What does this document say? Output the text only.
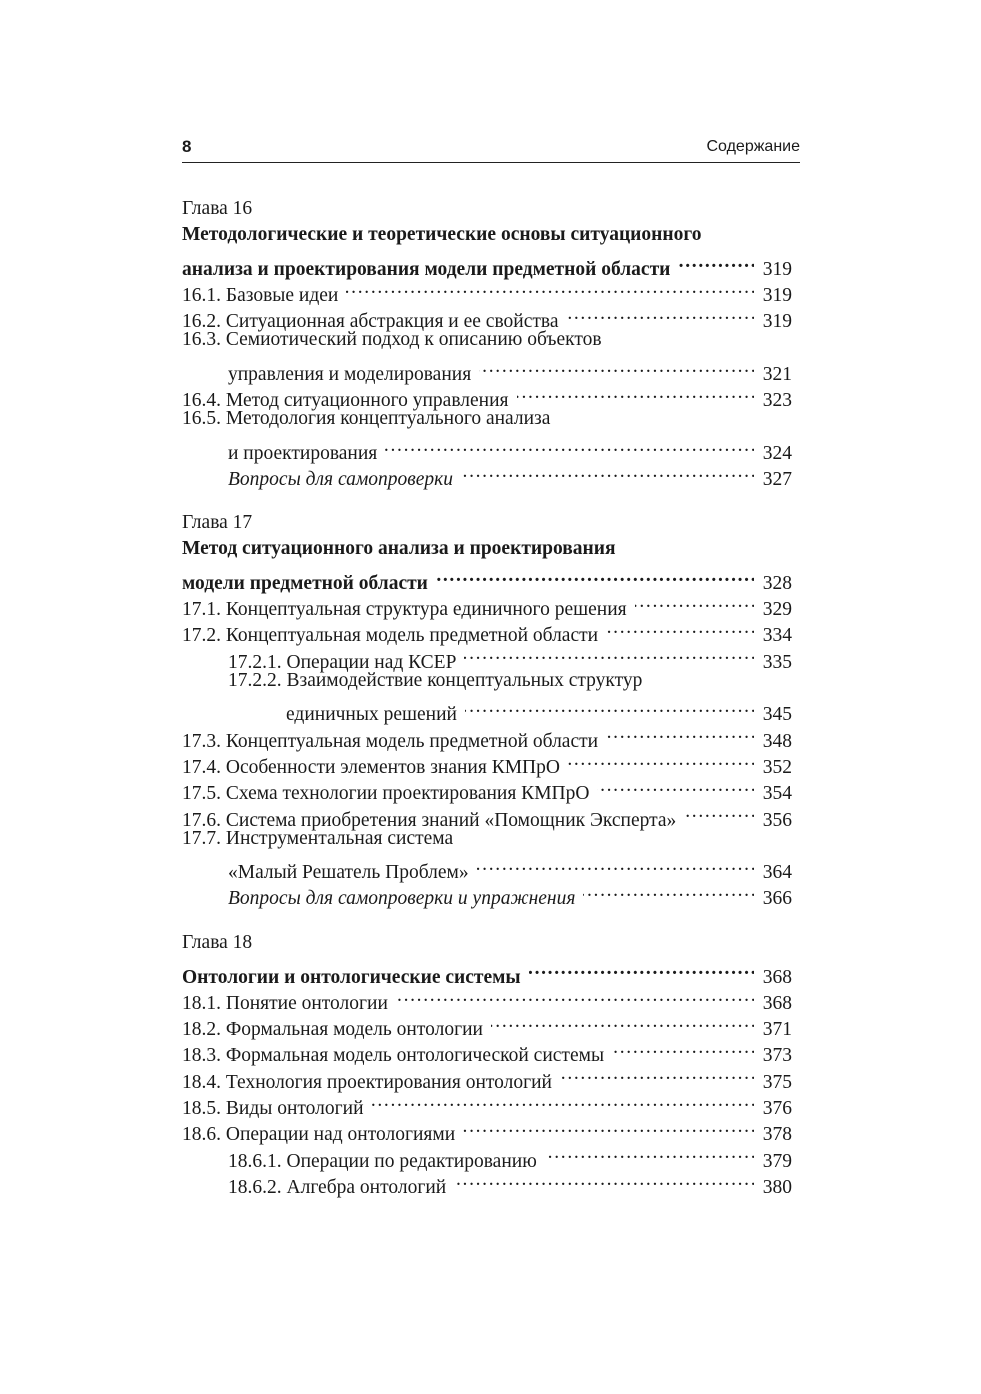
8	Содержание
Глава 16
Методологические и теоретические основы ситуационного
анализа и проектирования модели предметной области . . .	319
16.1. Базовые идеи . . .	319
16.2. Ситуационная абстракция и ее свойства . . .	319
16.3. Семиотический подход к описанию объектов
управления и моделирования . . .	321
16.4. Метод ситуационного управления . . .	323
16.5. Методология концептуального анализа
и проектирования . . .	324
Вопросы для самопроверки . . .	327
Глава 17
Метод ситуационного анализа и проектирования
модели предметной области . . .	328
17.1. Концептуальная структура единичного решения . . .	329
17.2. Концептуальная модель предметной области . . .	334
17.2.1. Операции над КСЕР . . .	335
17.2.2. Взаимодействие концептуальных структур
единичных решений . . .	345
17.3. Концептуальная модель предметной области . . .	348
17.4. Особенности элементов знания КМПрО . . .	352
17.5. Схема технологии проектирования КМПрО . . .	354
17.6. Система приобретения знаний «Помощник Эксперта» . . .	356
17.7. Инструментальная система
«Малый Решатель Проблем» . . .	364
Вопросы для самопроверки и упражнения . . .	366
Глава 18
Онтологии и онтологические системы . . .	368
18.1. Понятие онтологии . . .	368
18.2. Формальная модель онтологии . . .	371
18.3. Формальная модель онтологической системы . . .	373
18.4. Технология проектирования онтологий . . .	375
18.5. Виды онтологий . . .	376
18.6. Операции над онтологиями . . .	378
18.6.1. Операции по редактированию . . .	379
18.6.2. Алгебра онтологий . . .	380
